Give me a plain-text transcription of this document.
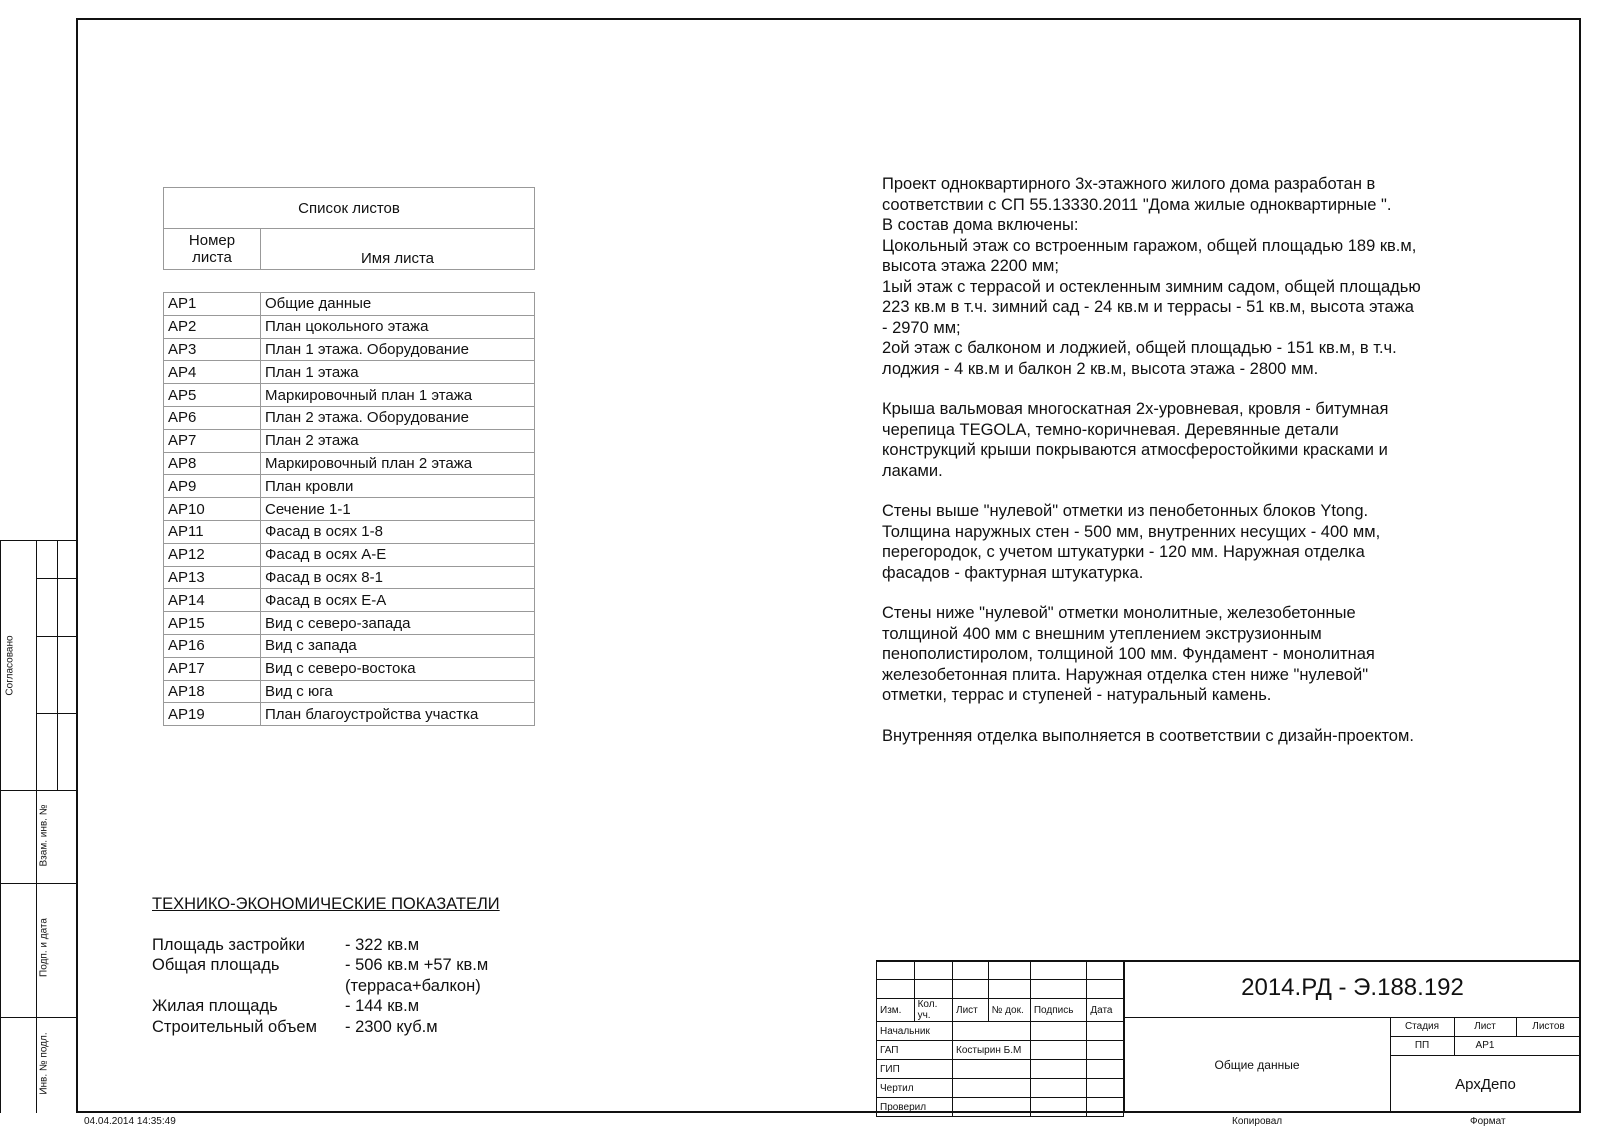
Согласовано
Взам. инв. №
Подп. и дата
Инв. № подл.
Список листов
Номер листа	Имя листа
АР1	Общие данные
АР2	План цокольного этажа
АР3	План 1 этажа. Оборудование
АР4	План 1 этажа
АР5	Маркировочный план 1 этажа
АР6	План 2 этажа. Оборудование
АР7	План 2 этажа
АР8	Маркировочный план 2 этажа
АР9	План кровли
АР10	Сечение 1-1
АР11	Фасад в осях 1-8
АР12	Фасад в осях А-Е
АР13	Фасад в осях 8-1
АР14	Фасад в осях Е-А
АР15	Вид с северо-запада
АР16	Вид с запада
АР17	Вид с северо-востока
АР18	Вид с юга
АР19	План благоустройства участка

Проект одноквартирного 3х-этажного жилого дома разработан в соответствии с СП 55.13330.2011 "Дома жилые одноквартирные ".
В состав дома включены:
Цокольный этаж со встроенным гаражом, общей площадью 189 кв.м, высота этажа 2200 мм;
1ый этаж с террасой и остекленным зимним садом, общей площадью 223 кв.м в т.ч. зимний сад - 24 кв.м и террасы - 51 кв.м, высота этажа - 2970 мм;
2ой этаж с балконом и лоджией, общей площадью - 151 кв.м, в т.ч. лоджия - 4 кв.м и балкон 2 кв.м, высота этажа - 2800 мм.

Крыша вальмовая многоскатная 2х-уровневая, кровля - битумная черепица TEGOLA, темно-коричневая. Деревянные детали конструкций крыши покрываются атмосферостойкими красками и лаками.

Стены выше "нулевой" отметки из пенобетонных блоков Ytong. Толщина наружных стен - 500 мм, внутренних несущих - 400 мм, перегородок, с учетом штукатурки - 120 мм. Наружная отделка фасадов - фактурная штукатурка.

Стены ниже "нулевой" отметки монолитные, железобетонные толщиной 400 мм с внешним утеплением экструзионным пенополистиролом, толщиной 100 мм. Фундамент - монолитная железобетонная плита. Наружная отделка стен ниже "нулевой" отметки, террас и ступеней - натуральный камень.

Внутренняя отделка выполняется в соответствии с дизайн-проектом.

ТЕХНИКО-ЭКОНОМИЧЕСКИЕ ПОКАЗАТЕЛИ
Площадь застройки	- 322 кв.м
Общая площадь	- 506 кв.м +57 кв.м
(терраса+балкон)
Жилая площадь	- 144 кв.м
Строительный объем	- 2300 куб.м

Изм.	Кол. уч.	Лист	№ док.	Подпись	Дата
Начальник					
ГАП		Костырин Б.М			
ГИП					
Чертил					
Проверил					
2014.РД - Э.188.192
Общие данные
Стадия	Лист	Листов
ПП	АР1
АрхДепо
04.04.2014 14:35:49	Копировал	Формат
